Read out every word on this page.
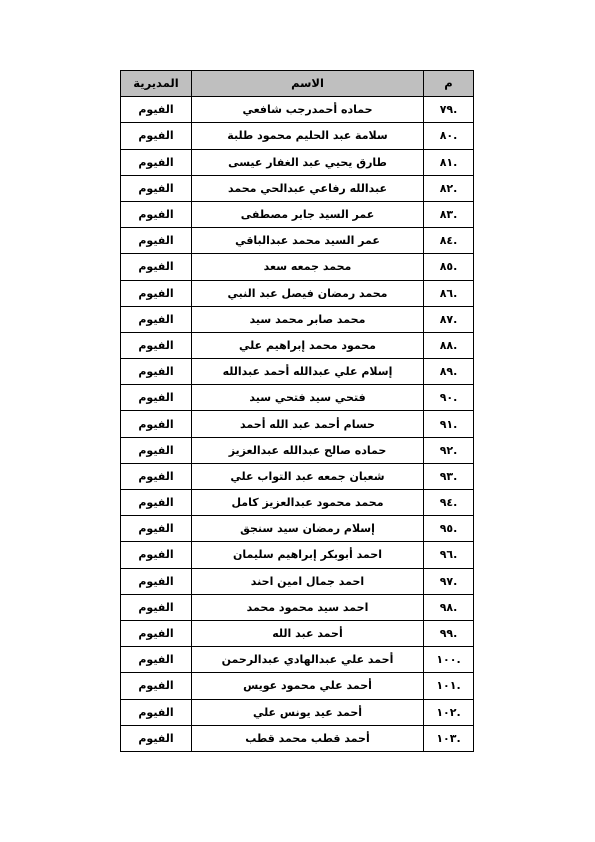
م	الاسم	المديرية
.٧٩	حماده أحمدرجب شافعي	الفيوم
.٨٠	سلامة عبد الحليم محمود طلبة	الفيوم
.٨١	طارق يحيي عبد الغفار عيسى	الفيوم
.٨٢	عبدالله رفاعي عبدالحي محمد	الفيوم
.٨٣	عمر السيد جابر مصطفى	الفيوم
.٨٤	عمر السيد محمد عبدالباقي	الفيوم
.٨٥	محمد جمعه سعد	الفيوم
.٨٦	محمد رمضان فيصل عبد النبي	الفيوم
.٨٧	محمد صابر محمد سيد	الفيوم
.٨٨	محمود محمد إبراهيم علي	الفيوم
.٨٩	إسلام علي عبدالله أحمد عبدالله	الفيوم
.٩٠	فتحي سيد فتحي سيد	الفيوم
.٩١	حسام أحمد عبد الله أحمد	الفيوم
.٩٢	حماده صالح عبدالله عبدالعزيز	الفيوم
.٩٣	شعبان جمعه عبد التواب علي	الفيوم
.٩٤	محمد محمود عبدالعزيز كامل	الفيوم
.٩٥	إسلام رمضان سيد سنجق	الفيوم
.٩٦	احمد أبوبكر إبراهيم سليمان	الفيوم
.٩٧	احمد جمال امين احند	الفيوم
.٩٨	احمد سيد محمود محمد	الفيوم
.٩٩	أحمد عبد الله	الفيوم
.١٠٠	أحمد علي عبدالهادي عبدالرحمن	الفيوم
.١٠١	أحمد علي محمود عويس	الفيوم
.١٠٢	أحمد عيد يونس علي	الفيوم
.١٠٣	أحمد قطب محمد قطب	الفيوم
